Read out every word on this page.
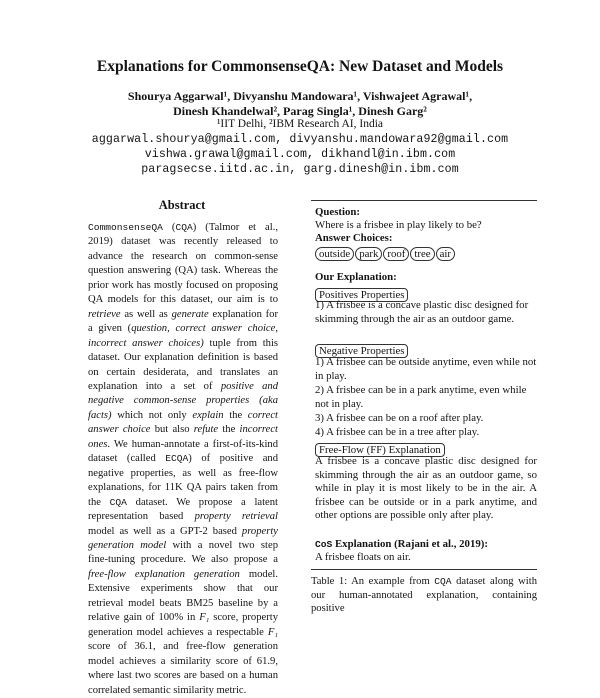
Explanations for CommonsenseQA: New Dataset and Models
Shourya Aggarwal¹, Divyanshu Mandowara¹, Vishwajeet Agrawal¹,
Dinesh Khandelwal², Parag Singla¹, Dinesh Garg²
¹IIT Delhi, ²IBM Research AI, India
aggarwal.shourya@gmail.com, divyanshu.mandowara92@gmail.com
vishwa.grawal@gmail.com, dikhandl@in.ibm.com
paragsecse.iitd.ac.in, garg.dinesh@in.ibm.com
Abstract
CommonsenseQA (CQA) (Talmor et al., 2019) dataset was recently released to advance the research on common-sense question answering (QA) task. Whereas the prior work has mostly focused on proposing QA models for this dataset, our aim is to retrieve as well as generate explanation for a given (question, correct answer choice, incorrect answer choices) tuple from this dataset. Our explanation definition is based on certain desiderata, and translates an explanation into a set of positive and negative common-sense properties (aka facts) which not only explain the correct answer choice but also refute the incorrect ones. We human-annotate a first-of-its-kind dataset (called ECQA) of positive and negative properties, as well as free-flow explanations, for 11K QA pairs taken from the CQA dataset. We propose a latent representation based property retrieval model as well as a GPT-2 based property generation model with a novel two step fine-tuning procedure. We also propose a free-flow explanation generation model. Extensive experiments show that our retrieval model beats BM25 baseline by a relative gain of 100% in F₁ score, property generation model achieves a respectable F₁ score of 36.1, and free-flow generation model achieves a similarity score of 61.9, where last two scores are based on a human correlated semantic similarity metric.
Question:
Where is a frisbee in play likely to be?
Answer Choices:
outside park roof tree air
Our Explanation:
Positives Properties
1) A frisbee is a concave plastic disc designed for skimming through the air as an outdoor game.
Negative Properties
1) A frisbee can be outside anytime, even while not in play.
2) A frisbee can be in a park anytime, even while not in play.
3) A frisbee can be on a roof after play.
4) A frisbee can be in a tree after play.
Free-Flow (FF) Explanation
A frisbee is a concave plastic disc designed for skimming through the air as an outdoor game, so while in play it is most likely to be in the air. A frisbee can be outside or in a park anytime, and other options are possible only after play.
CoS Explanation (Rajani et al., 2019):
A frisbee floats on air.
Table 1: An example from CQA dataset along with our human-annotated explanation, containing positive
